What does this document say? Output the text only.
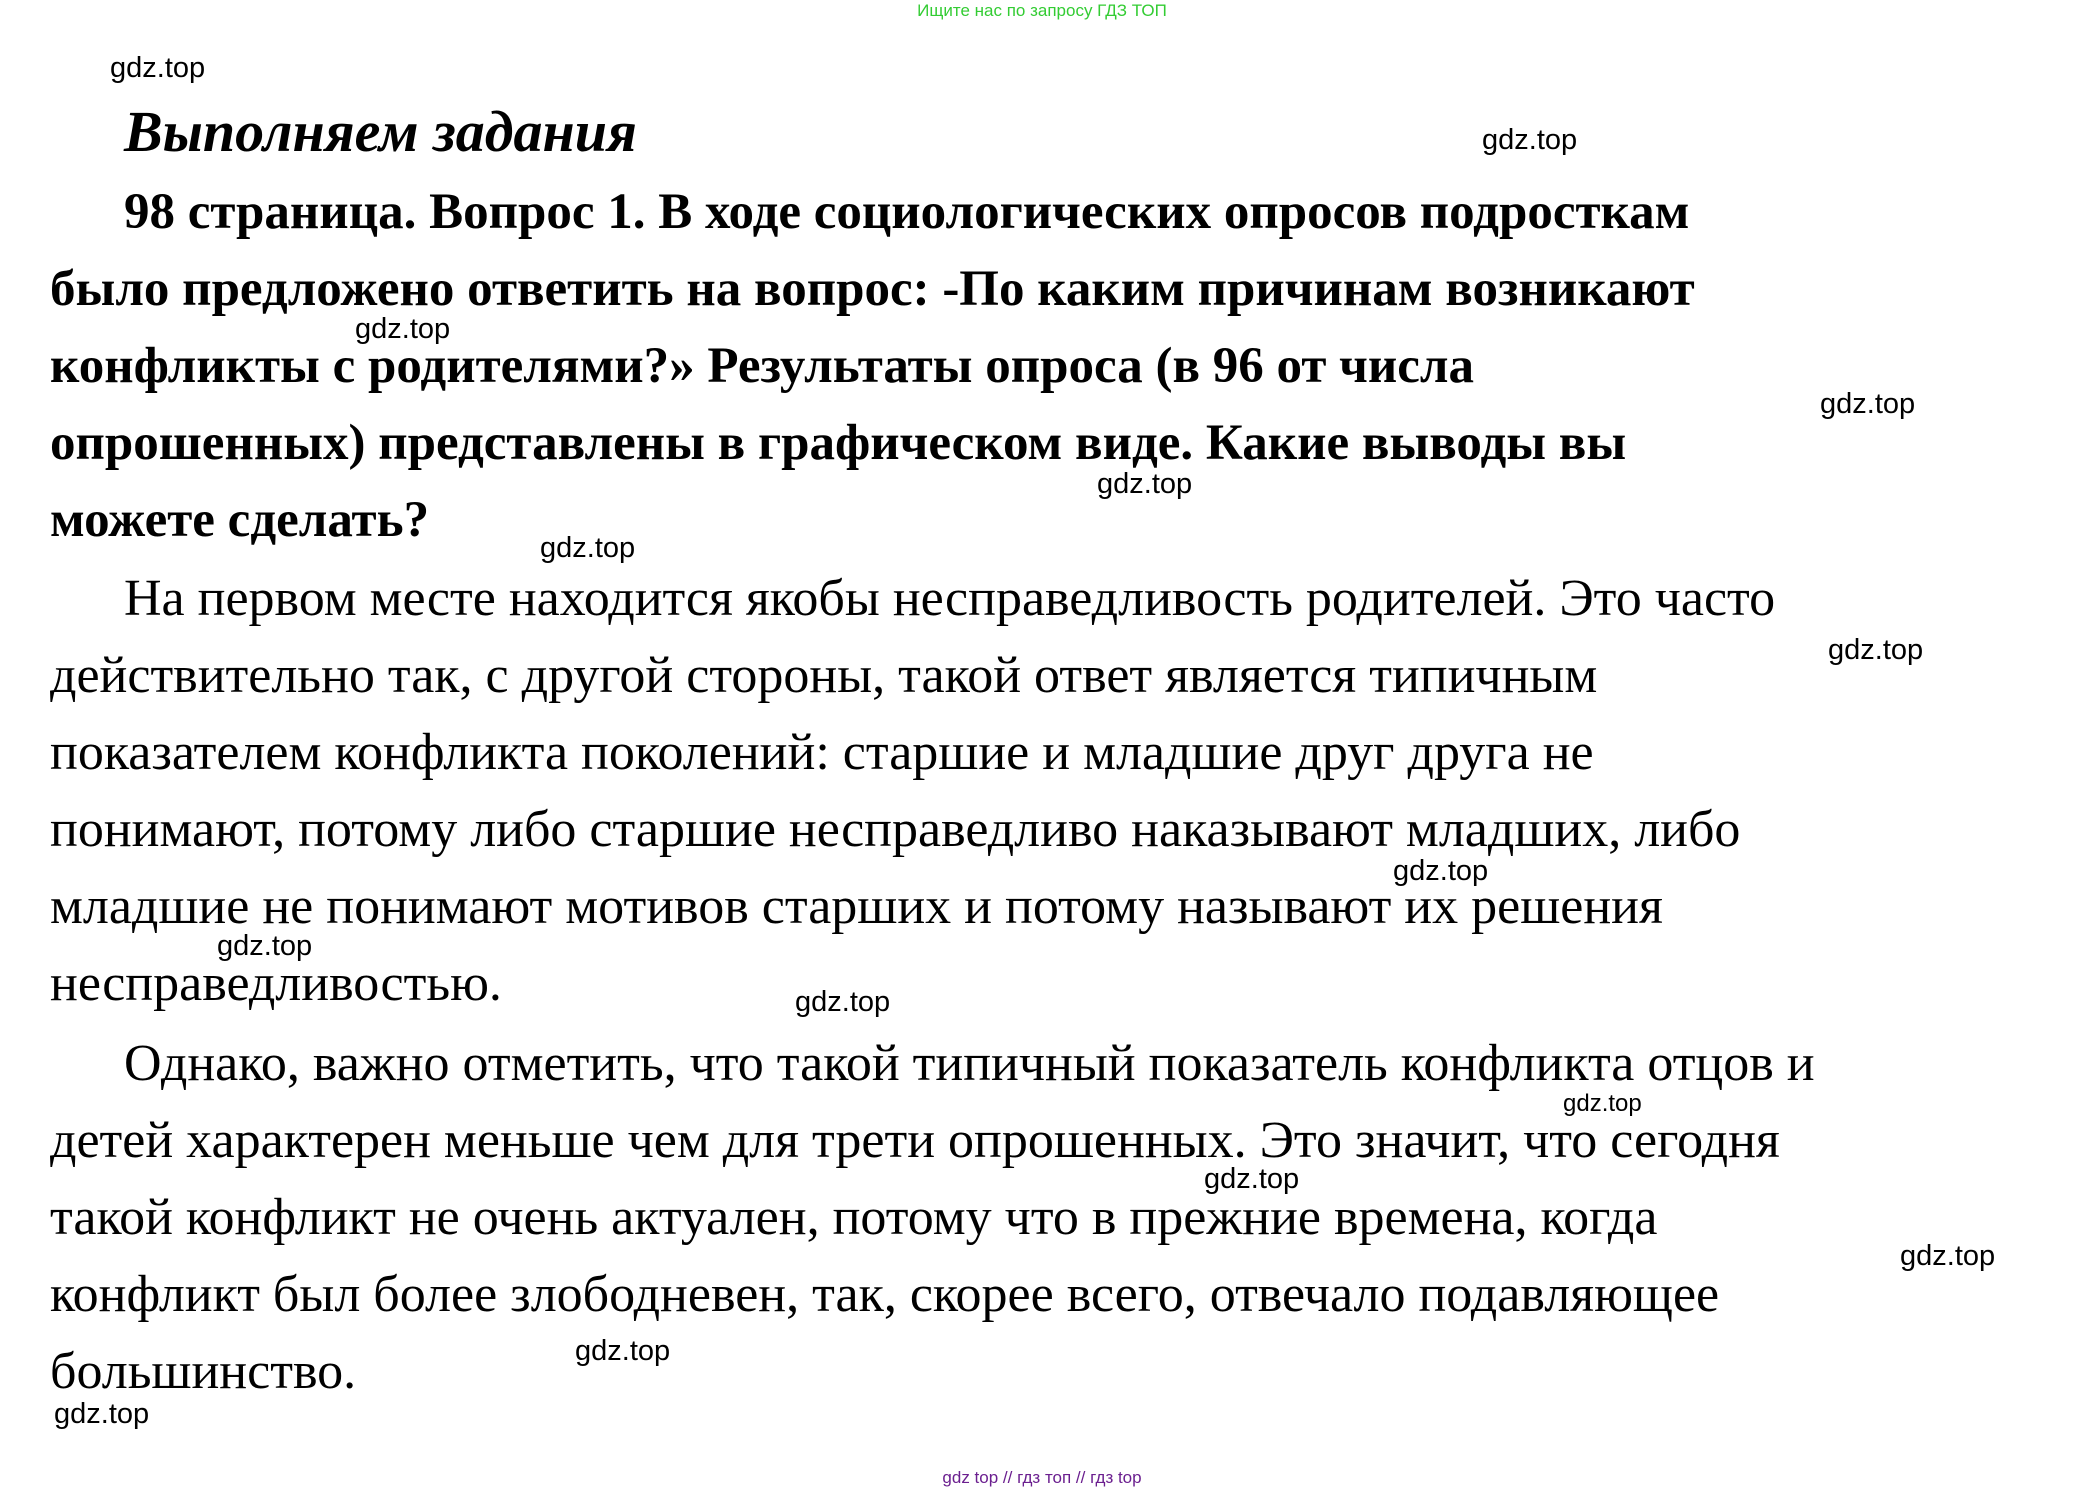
Ищите нас по запросу ГДЗ ТОП
gdz.top
Выполняем задания	gdz.top
98 страница. Вопрос 1. В ходе социологических опросов подросткам
было предложено ответить на вопрос: -По каким причинам возникают
конфликты с родителями?» Результаты опроса (в 96 от числа
опрошенных) представлены в графическом виде. Какие выводы вы
можете сделать?
gdz.top
gdz.top
gdz.top
gdz.top
На первом месте находится якобы несправедливость родителей. Это часто
действительно так, с другой стороны, такой ответ является типичным
показателем конфликта поколений: старшие и младшие друг друга не
понимают, потому либо старшие несправедливо наказывают младших, либо
младшие не понимают мотивов старших и потому называют их решения
несправедливостью.
gdz.top
gdz.top
gdz.top
gdz.top
Однако, важно отметить, что такой типичный показатель конфликта отцов и
детей характерен меньше чем для трети опрошенных. Это значит, что сегодня
такой конфликт не очень актуален, потому что в прежние времена, когда
конфликт был более злободневен, так, скорее всего, отвечало подавляющее
большинство.
gdz.top
gdz.top
gdz.top
gdz.top
gdz.top
gdz top // гдз топ // гдз top
